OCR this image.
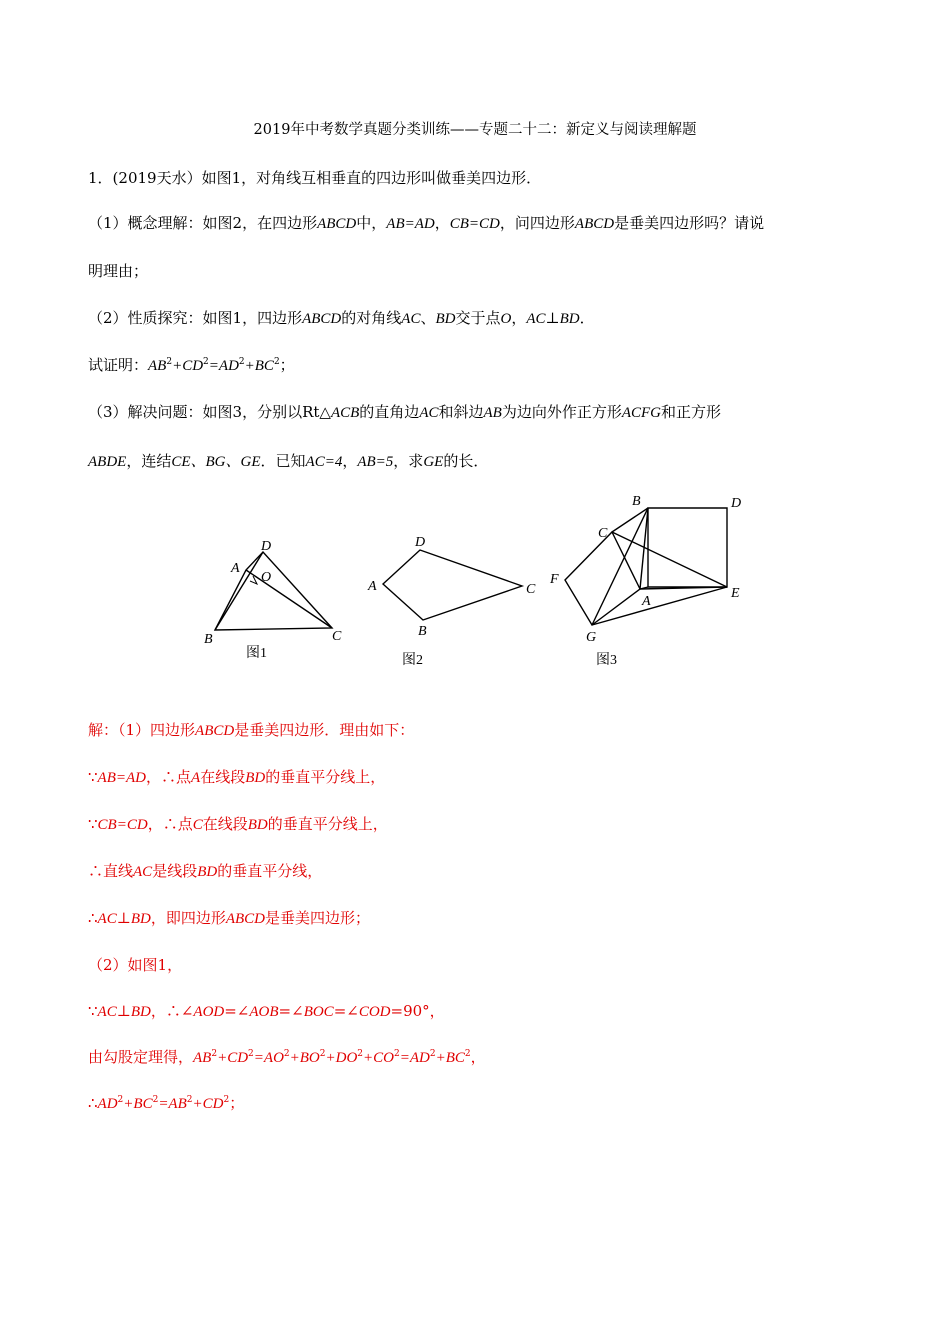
2019年中考数学真题分类训练——专题二十二：新定义与阅读理解题
1．(2019天水）如图1，对角线互相垂直的四边形叫做垂美四边形．
（1）概念理解：如图2，在四边形ABCD中，AB=AD，CB=CD，问四边形ABCD是垂美四边形吗？请说
明理由；
（2）性质探究：如图1，四边形ABCD的对角线AC、BD交于点O，AC⊥BD．
试证明：$AB^2+CD^2=AD^2+BC^2$；
（3）解决问题：如图3，分别以Rt△ACB的直角边AC和斜边AB为边向外作正方形ACFG和正方形
ABDE，连结CE、BG、GE．已知AC=4，AB=5，求GE的长．
A
D
O
B	C
图1
D
A	C
B
图2
B	D
C
F
A
E
G
图3
解：（1）四边形ABCD是垂美四边形．理由如下：
∵AB=AD，∴点A在线段BD的垂直平分线上，
∵CB=CD，∴点C在线段BD的垂直平分线上，
∴直线AC是线段BD的垂直平分线，
∴AC⊥BD，即四边形ABCD是垂美四边形；
（2）如图1，
∵AC⊥BD，∴∠AOD=∠AOB=∠BOC=∠COD=90°，
由勾股定理得，$AB^2+CD^2=AO^2+BO^2+DO^2+CO^2=AD^2+BC^2$，
$\therefore AD^2+BC^2=AB^2+CD^2$；
